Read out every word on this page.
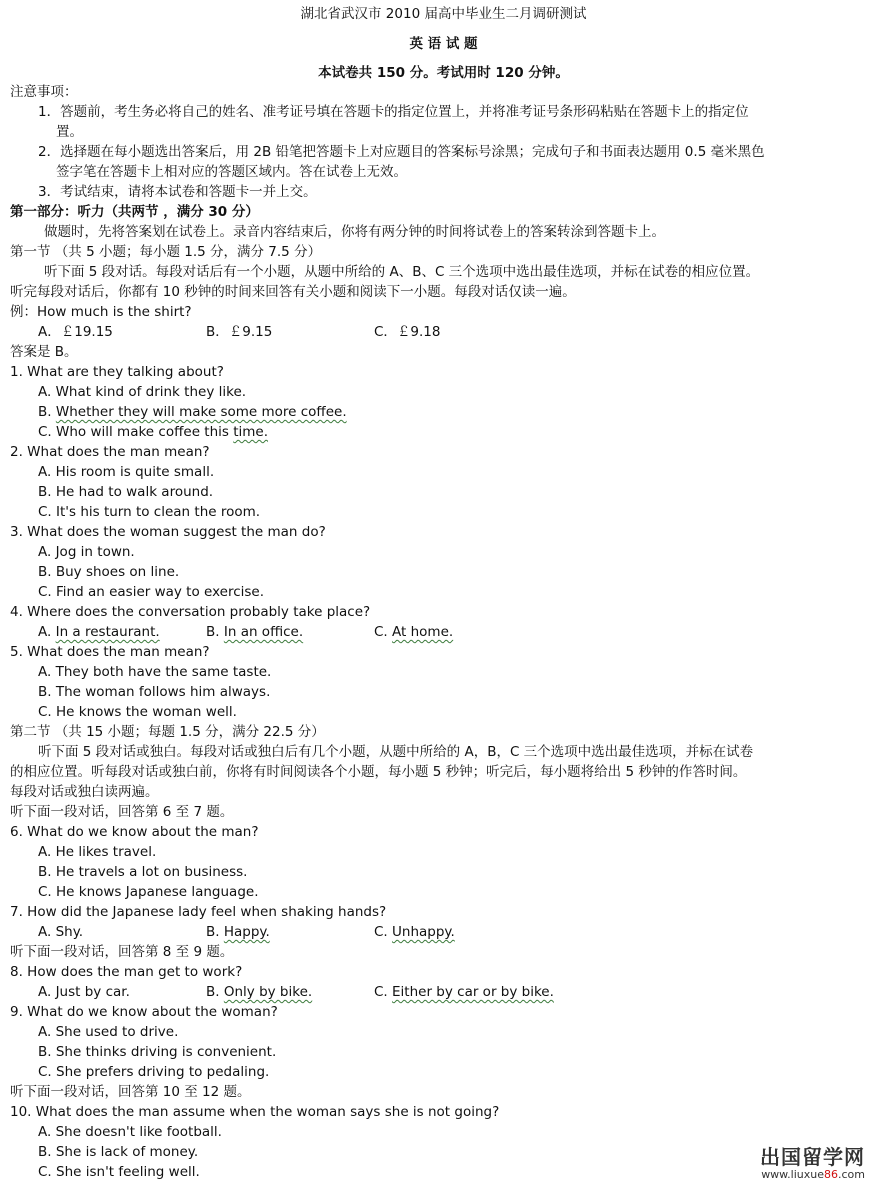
湖北省武汉市 2010 届高中毕业生二月调研测试
英 语 试 题
本试卷共 150 分。考试用时 120 分钟。
注意事项：
1．答题前，考生务必将自己的姓名、准考证号填在答题卡的指定位置上，并将准考证号条形码粘贴在答题卡上的指定位
置。
2．选择题在每小题选出答案后，用 2B 铅笔把答题卡上对应题目的答案标号涂黑；完成句子和书面表达题用 0.5 毫米黑色
签字笔在答题卡上相对应的答题区域内。答在试卷上无效。
3．考试结束，请将本试卷和答题卡一并上交。
第一部分：听力（共两节 ，满分 30 分）
做题时，先将答案划在试卷上。录音内容结束后，你将有两分钟的时间将试卷上的答案转涂到答题卡上。
第一节 （共 5 小题；每小题 1.5 分，满分 7.5 分）
听下面 5 段对话。每段对话后有一个小题，从题中所给的 A、B、C 三个选项中选出最佳选项，并标在试卷的相应位置。
听完每段对话后，你都有 10 秒钟的时间来回答有关小题和阅读下一小题。每段对话仅读一遍。
例：How much is the shirt?
A．￡19.15	B．￡9.15	C．￡9.18
答案是 B。
1. What are they talking about?
A. What kind of drink they like.
B. Whether they will make some more coffee.
C. Who will make coffee this time.
2. What does the man mean?
A. His room is quite small.
B. He had to walk around.
C. It's his turn to clean the room.
3. What does the woman suggest the man do?
A. Jog in town.
B. Buy shoes on line.
C. Find an easier way to exercise.
4. Where does the conversation probably take place?
A. In a restaurant.	B. In an office.	C. At home.
5. What does the man mean?
A. They both have the same taste.
B. The woman follows him always.
C. He knows the woman well.
第二节 （共 15 小题；每题 1.5 分，满分 22.5 分）
听下面 5 段对话或独白。每段对话或独白后有几个小题，从题中所给的 A，B，C 三个选项中选出最佳选项，并标在试卷
的相应位置。听每段对话或独白前，你将有时间阅读各个小题，每小题 5 秒钟；听完后，每小题将给出 5 秒钟的作答时间。
每段对话或独白读两遍。
听下面一段对话，回答第 6 至 7 题。
6. What do we know about the man?
A. He likes travel.
B. He travels a lot on business.
C. He knows Japanese language.
7. How did the Japanese lady feel when shaking hands?
A. Shy.	B. Happy.	C. Unhappy.
听下面一段对话，回答第 8 至 9 题。
8. How does the man get to work?
A. Just by car.	B. Only by bike.	C. Either by car or by bike.
9. What do we know about the woman?
A. She used to drive.
B. She thinks driving is convenient.
C. She prefers driving to pedaling.
听下面一段对话，回答第 10 至 12 题。
10. What does the man assume when the woman says she is not going?
A. She doesn't like football.
B. She is lack of money.
C. She isn't feeling well.
出国留学网
www.liuxue86.com
